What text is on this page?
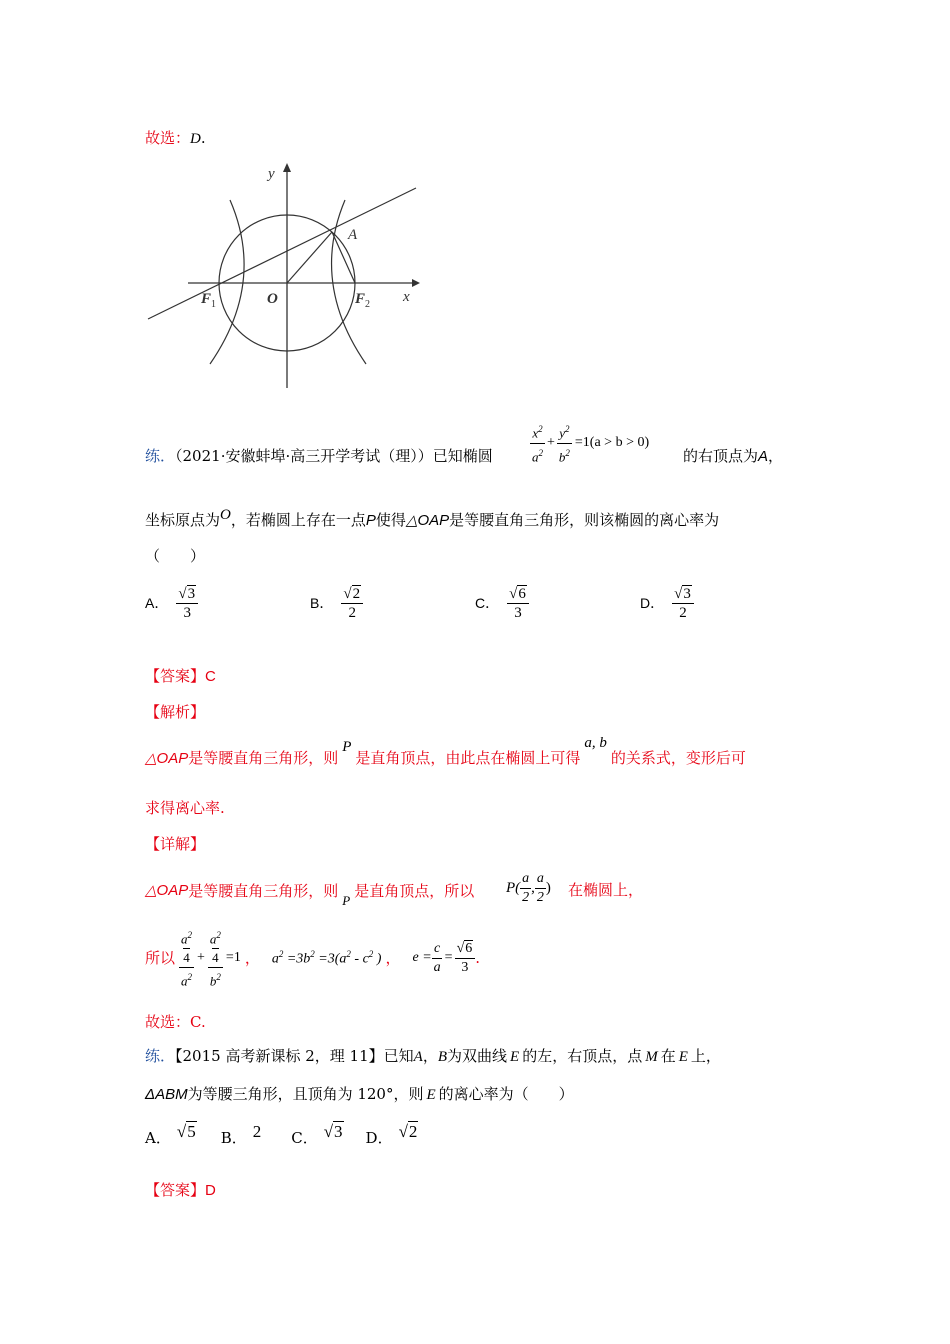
故选：D.
y
x
A
O
F 1	F 2
练．（2021·安徽蚌埠·高三开学考试（理））已知椭圆	$\frac{x^2}{a^2} + \frac{y^2}{b^2} =1(a > b > 0)$
的右顶点为A，
坐标原点为O，若椭圆上存在一点P使得△OAP是等腰直角三角形，则该椭圆的离心率为
（　　）
A． $\frac{√3}{3}$	B． $\frac{√2}{2}$	C． $\frac{√6}{3}$	D． $\frac{√3}{2}$
【答案】C
【解析】
△OAP是等腰直角三角形，则P是直角顶点，由此点在椭圆上可得a, b的关系式，变形后可
求得离心率.
【详解】
△OAP 是等腰直角三角形，则
P
是直角顶点，所以 $P( \frac{a}{2}$ , $\frac{a}{2}$ ) 在椭圆上，
所以 $a^2$
4
$a^2 + a^2$
4
$b^2 =1$ ， $a^2 =3b^2 =3(a^2 - c^2$ ) ， $e = \frac{c}{a} = \frac{√6}{3}$ .
故选：C.
练．【2015 高考新课标 2，理 11】已知A，B为双曲线 E 的左，右顶点，点 M 在 E 上，
ΔABM为等腰三角形，且顶角为 120°，则 E 的离心率为（　　）
A． √5 B． 2 C． √3 D． √2
【答案】D
